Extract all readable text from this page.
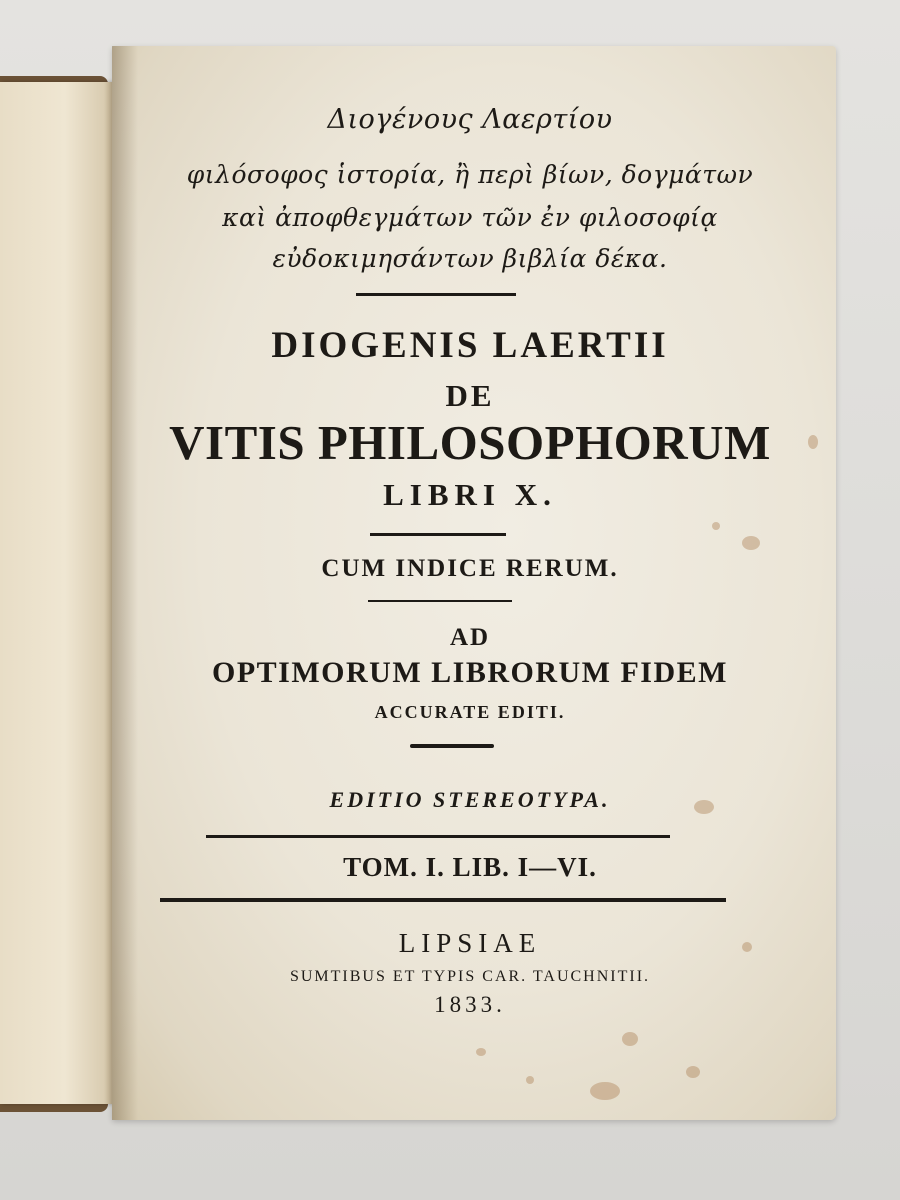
Διογένους Λαερτίου
φιλόσοφος ἱστορία, ἢ περὶ βίων, δογμάτων
καὶ ἀποφθεγμάτων τῶν ἐν φιλοσοφίᾳ
εὐδοκιμησάντων βιβλία δέκα.
DIOGENIS LAERTII
DE
VITIS PHILOSOPHORUM
LIBRI X.
CUM INDICE RERUM.
AD
OPTIMORUM LIBRORUM FIDEM
ACCURATE EDITI.
EDITIO STEREOTYPA.
TOM. I. LIB. I—VI.
LIPSIAE
SUMTIBUS ET TYPIS CAR. TAUCHNITII.
1833.
